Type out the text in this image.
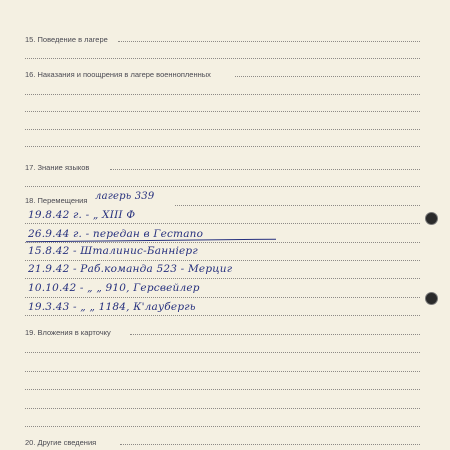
15. Поведение в лагере
16. Наказания и поощрения в лагере военнопленных
17. Знание языков
18. Перемещения лагерь 339
19.8.42 г. - „ XIII Ф
26.9.44 г. - передан в Гестапо
15.8.42 - Шталинис-Баннiерг
21.9.42 - Раб.команда 523 - Мерциг
10.10.42 - „ „ 910, Герсвейлер
19.3.43 - „ „ 1184, К'лаубергь
19. Вложения в карточку
20. Другие сведения
